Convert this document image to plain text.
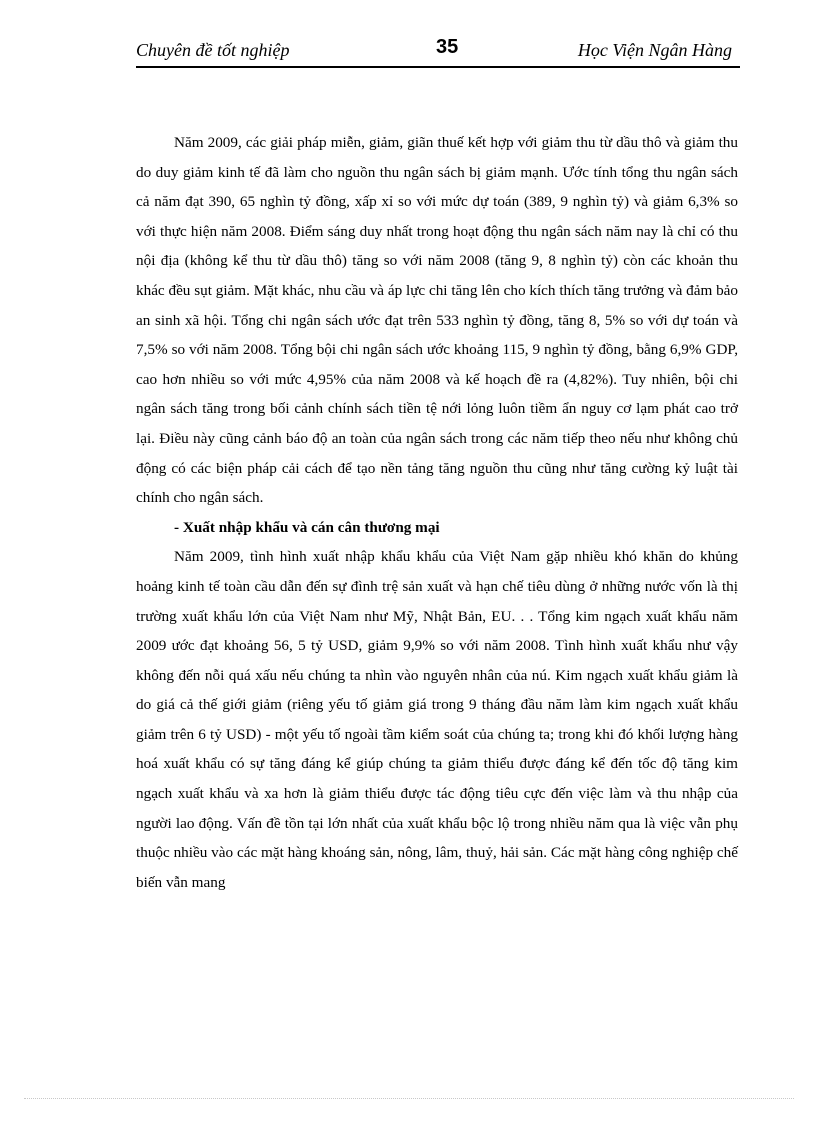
Chuyên đề tốt nghiệp	35	Học Viện Ngân Hàng

Năm 2009, các giải pháp miễn, giảm, giãn thuế kết hợp với giảm thu từ dầu thô và giảm thu do duy giảm kinh tế đã làm cho nguồn thu ngân sách bị giảm mạnh. Ước tính tổng thu ngân sách cả năm đạt 390, 65 nghìn tỷ đồng, xấp xỉ so với mức dự toán (389, 9 nghìn tỷ) và giảm 6,3% so với thực hiện năm 2008. Điểm sáng duy nhất trong hoạt động thu ngân sách năm nay là chỉ có thu nội địa (không kể thu từ dầu thô) tăng so với năm 2008 (tăng 9, 8 nghìn tỷ) còn các khoản thu khác đều sụt giảm. Mặt khác, nhu cầu và áp lực chi tăng lên cho kích thích tăng trưởng và đảm bảo an sinh xã hội. Tổng chi ngân sách ước đạt trên 533 nghìn tỷ đồng, tăng 8, 5% so với dự toán và 7,5% so với năm 2008. Tổng bội chi ngân sách ước khoảng 115, 9 nghìn tỷ đồng, bằng 6,9% GDP, cao hơn nhiều so với mức 4,95% của năm 2008 và kế hoạch đề ra (4,82%). Tuy nhiên, bội chi ngân sách tăng trong bối cảnh chính sách tiền tệ nới lỏng luôn tiềm ẩn nguy cơ lạm phát cao trở lại. Điều này cũng cảnh báo độ an toàn của ngân sách trong các năm tiếp theo nếu như không chủ động có các biện pháp cải cách để tạo nền tảng tăng nguồn thu cũng như tăng cường kỷ luật tài chính cho ngân sách.

- Xuất nhập khẩu và cán cân thương mại

Năm 2009, tình hình xuất nhập khẩu khẩu của Việt Nam gặp nhiều khó khăn do khủng hoảng kinh tế toàn cầu dẫn đến sự đình trệ sản xuất và hạn chế tiêu dùng ở những nước vốn là thị trường xuất khẩu lớn của Việt Nam như Mỹ, Nhật Bản, EU. . . Tổng kim ngạch xuất khẩu năm 2009 ước đạt khoảng 56, 5 tỷ USD, giảm 9,9% so với năm 2008. Tình hình xuất khẩu như vậy không đến nỗi quá xấu nếu chúng ta nhìn vào nguyên nhân của nú. Kim ngạch xuất khẩu giảm là do giá cả thế giới giảm (riêng yếu tố giảm giá trong 9 tháng đầu năm làm kim ngạch xuất khẩu giảm trên 6 tỷ USD) - một yếu tố ngoài tầm kiểm soát của chúng ta; trong khi đó khối lượng hàng hoá xuất khẩu có sự tăng đáng kể giúp chúng ta giảm thiểu được đáng kể đến tốc độ tăng kim ngạch xuất khẩu và xa hơn là giảm thiểu được tác động tiêu cực đến việc làm và thu nhập của người lao động. Vấn đề tồn tại lớn nhất của xuất khẩu bộc lộ trong nhiều năm qua là việc vẫn phụ thuộc nhiều vào các mặt hàng khoáng sản, nông, lâm, thuỷ, hải sản. Các mặt hàng công nghiệp chế biến vẫn mang
